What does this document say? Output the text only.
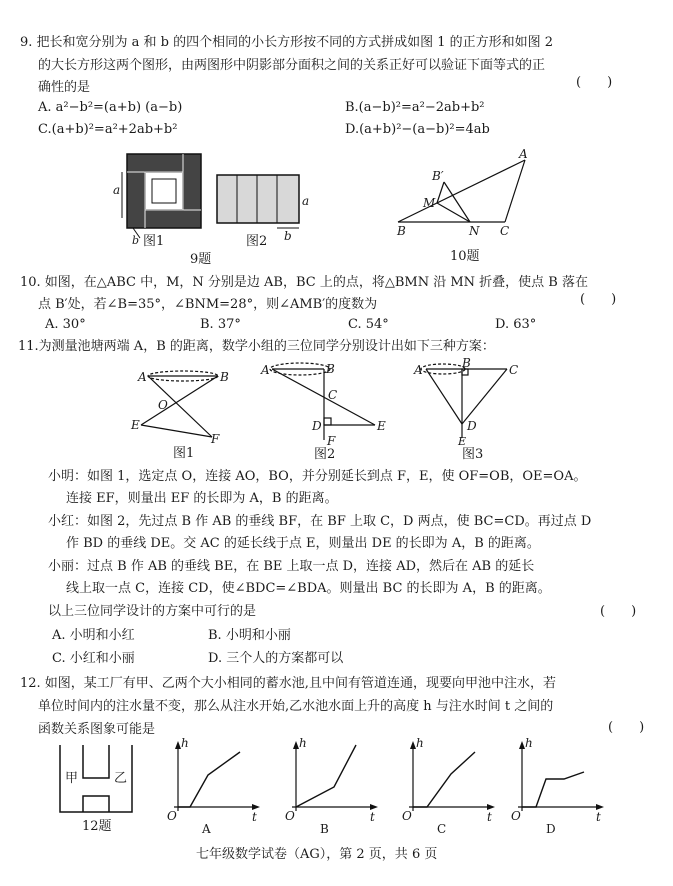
9. 把长和宽分别为 a 和 b 的四个相同的小长方形按不同的方式拼成如图 1 的正方形和如图 2
的大长方形这两个图形，由两图形中阴影部分面积之间的关系正好可以验证下面等式的正
确性的是	(　　)
A. a²−b²=(a+b) (a−b)	B.(a−b)²=a²−2ab+b²
C.(a+b)²=a²+2ab+b²	D.(a+b)²−(a−b)²=4ab
a
b 图1
a
b
图2
9题
A
B′
M
B	N C
10题
10. 如图，在△ABC 中，M，N 分别是边 AB，BC 上的点，将△BMN 沿 MN 折叠，使点 B 落在
点 B′处，若∠B=35°，∠BNM=28°，则∠AMB′的度数为	(　　)
A. 30°	B. 37°	C. 54°	D. 63°
11.为测量池塘两端 A，B 的距离，数学小组的三位同学分别设计出如下三种方案：
A	B
O
E
F
图1
A	B
C
D	E
F
图2
A	B	C
D
E
图3
小明：如图 1，选定点 O，连接 AO，BO，并分别延长到点 F，E，使 OF=OB，OE=OA。
连接 EF，则量出 EF 的长即为 A，B 的距离。
小红：如图 2，先过点 B 作 AB 的垂线 BF，在 BF 上取 C，D 两点，使 BC=CD。再过点 D
作 BD 的垂线 DE。交 AC 的延长线于点 E，则量出 DE 的长即为 A，B 的距离。
小丽：过点 B 作 AB 的垂线 BE，在 BE 上取一点 D，连接 AD，然后在 AB 的延长
线上取一点 C，连接 CD，使∠BDC=∠BDA。则量出 BC 的长即为 A，B 的距离。
以上三位同学设计的方案中可行的是	(　　)
A. 小明和小红	B. 小明和小丽
C. 小红和小丽	D. 三个人的方案都可以
12. 如图，某工厂有甲、乙两个大小相同的蓄水池,且中间有管道连通，现要向甲池中注水，若
单位时间内的注水量不变，那么从注水开始,乙水池水面上升的高度 h 与注水时间 t 之间的
函数关系图象可能是	(　　)
甲	乙
12题
h
t
O
A
h
t
O
B
h
t
O
C
h
t
O
D
七年级数学试卷（AG），第 2 页，共 6 页
